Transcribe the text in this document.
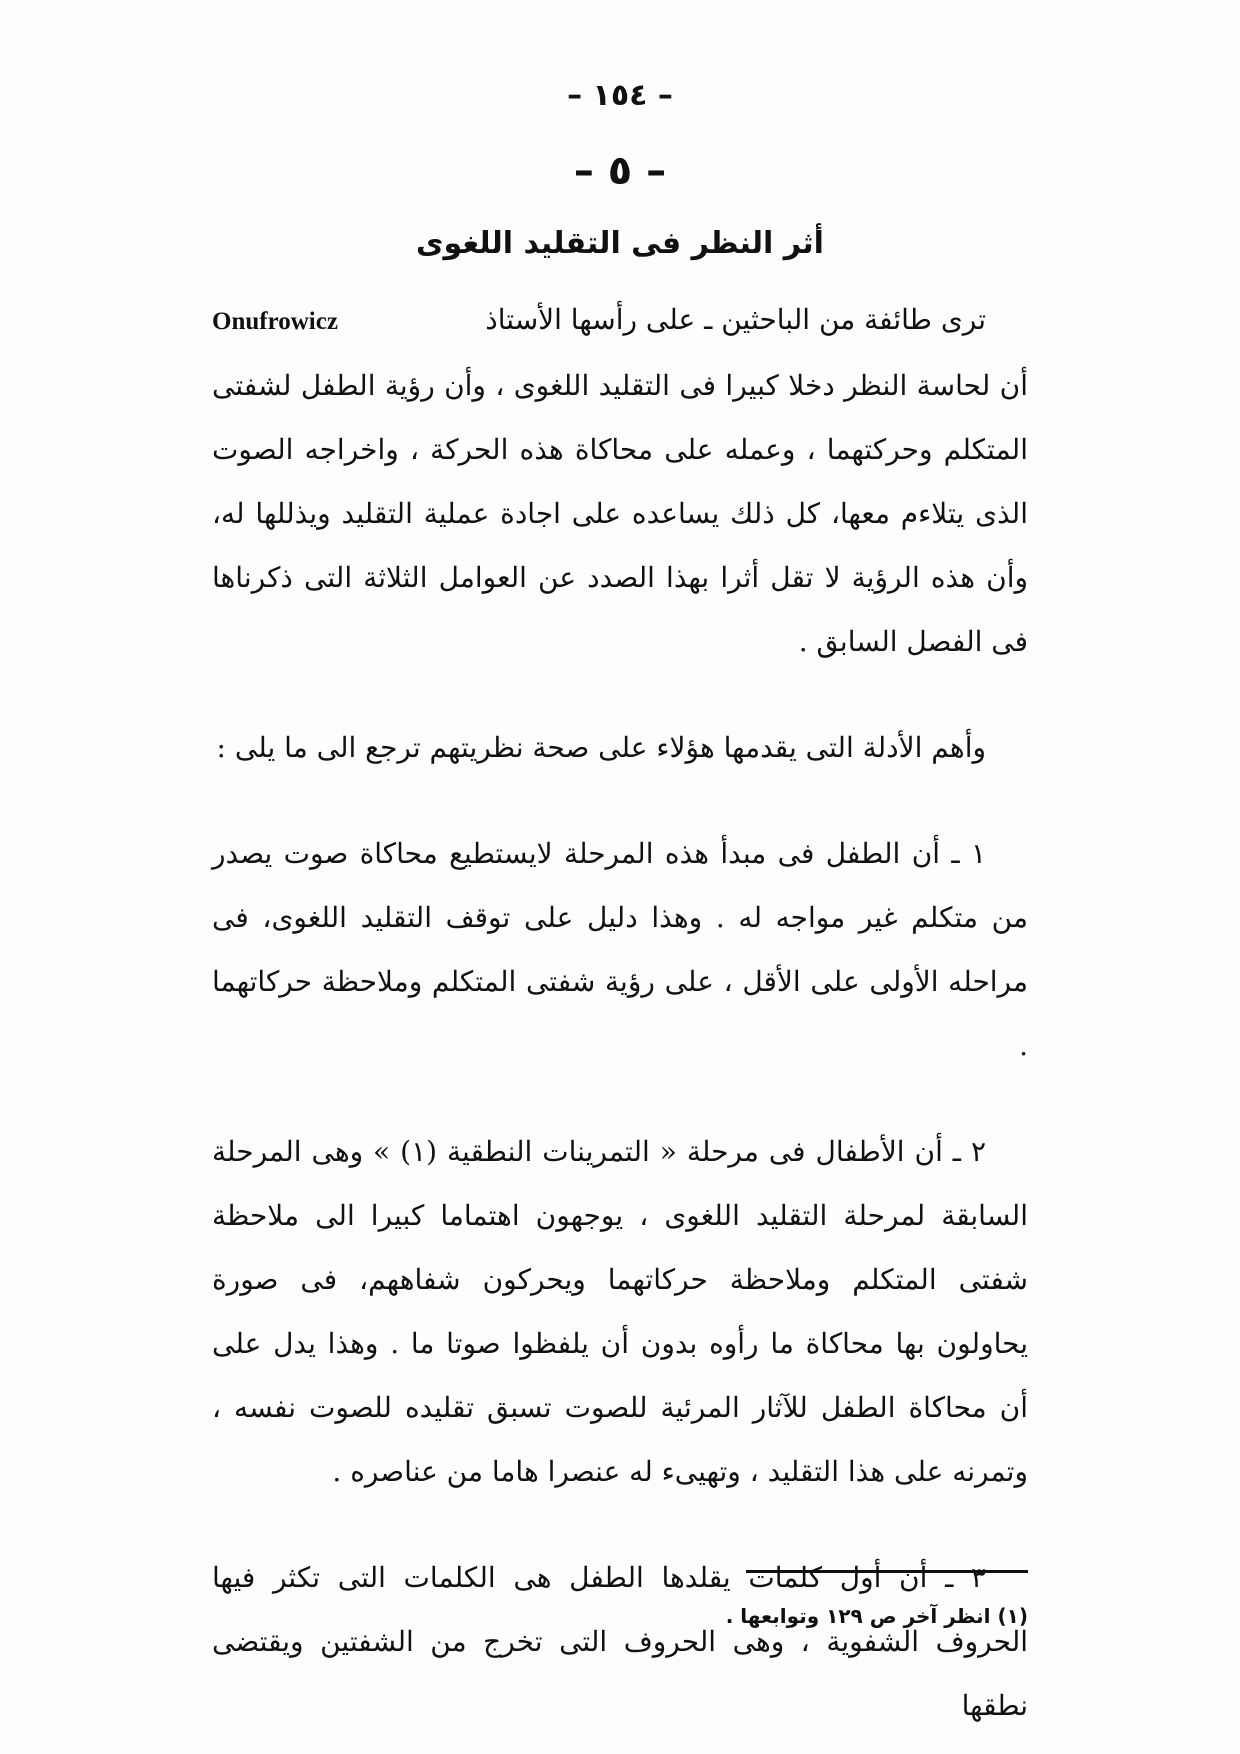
– ١٥٤ –
– ٥ –
أثر النظر فى التقليد اللغوى
ترى طائفة من الباحثين ـ على رأسها الأستاذ
Onufrowicz
أن لحاسة النظر دخلا كبيرا فى التقليد اللغوى ، وأن رؤية الطفل لشفتى المتكلم وحركتهما ، وعمله على محاكاة هذه الحركة ، واخراجه الصوت الذى يتلاءم معها، كل ذلك يساعده على اجادة عملية التقليد ويذللها له، وأن هذه الرؤية لا تقل أثرا بهذا الصدد عن العوامل الثلاثة التى ذكرناها فى الفصل السابق .

وأهم الأدلة التى يقدمها هؤلاء على صحة نظريتهم ترجع الى ما يلى :

١ ـ أن الطفل فى مبدأ هذه المرحلة لايستطيع محاكاة صوت يصدر من متكلم غير مواجه له . وهذا دليل على توقف التقليد اللغوى، فى مراحله الأولى على الأقل ، على رؤية شفتى المتكلم وملاحظة حركاتهما .

٢ ـ أن الأطفال فى مرحلة « التمرينات النطقية (١) » وهى المرحلة السابقة لمرحلة التقليد اللغوى ، يوجهون اهتماما كبيرا الى ملاحظة شفتى المتكلم وملاحظة حركاتهما ويحركون شفاههم، فى صورة يحاولون بها محاكاة ما رأوه بدون أن يلفظوا صوتا ما . وهذا يدل على أن محاكاة الطفل للآثار المرئية للصوت تسبق تقليده للصوت نفسه ، وتمرنه على هذا التقليد ، وتهيىء له عنصرا هاما من عناصره .

٣ ـ أن أول كلمات يقلدها الطفل هى الكلمات التى تكثر فيها الحروف الشفوية ، وهى الحروف التى تخرج من الشفتين ويقتضى نطقها

(١) انظر آخر ص ١٢٩ وتوابعها .
